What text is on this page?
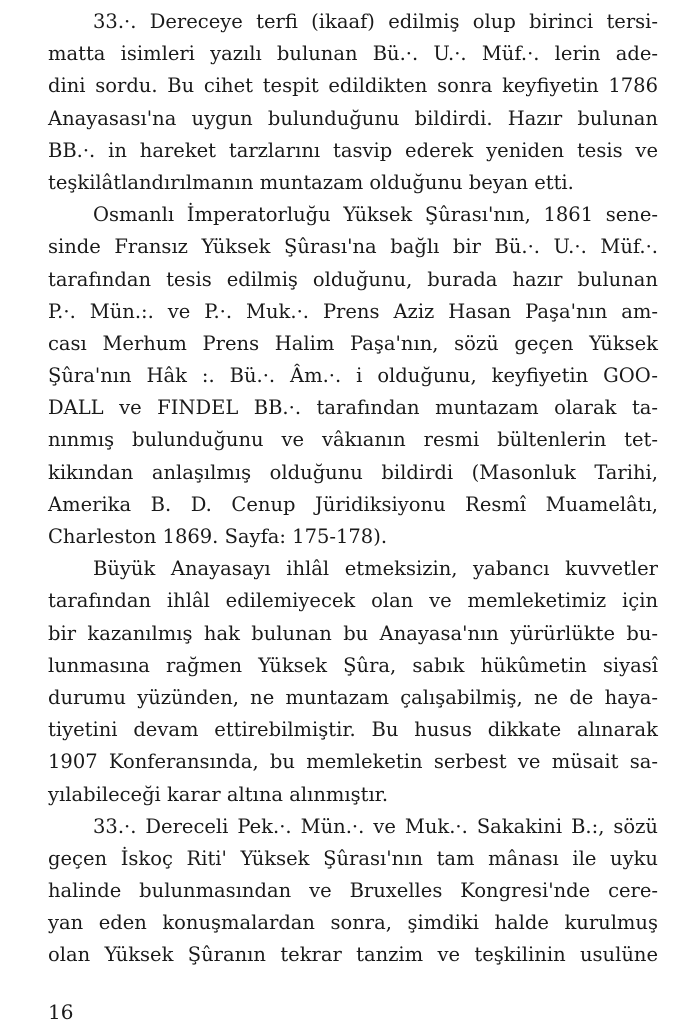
33.·. Dereceye terfi (ikaaf) edilmiş olup birinci tersi-
matta isimleri yazılı bulunan Bü.·. U.·. Müf.·. lerin ade-
dini sordu. Bu cihet tespit edildikten sonra keyfiyetin 1786
Anayasası'na uygun bulunduğunu bildirdi. Hazır bulunan
BB.·. in hareket tarzlarını tasvip ederek yeniden tesis ve
teşkilâtlandırılmanın muntazam olduğunu beyan etti.
Osmanlı İmperatorluğu Yüksek Şûrası'nın, 1861 sene-
sinde Fransız Yüksek Şûrası'na bağlı bir Bü.·. U.·. Müf.·.
tarafından tesis edilmiş olduğunu, burada hazır bulunan
P.·. Mün.:. ve P.·. Muk.·. Prens Aziz Hasan Paşa'nın am-
cası Merhum Prens Halim Paşa'nın, sözü geçen Yüksek
Şûra'nın Hâk :. Bü.·. Âm.·. i olduğunu, keyfiyetin GOO-
DALL ve FINDEL BB.·. tarafından muntazam olarak ta-
nınmış bulunduğunu ve vâkıanın resmi bültenlerin tet-
kikından anlaşılmış olduğunu bildirdi (Masonluk Tarihi,
Amerika B. D. Cenup Jüridiksiyonu Resmî Muamelâtı,
Charleston 1869. Sayfa: 175-178).
Büyük Anayasayı ihlâl etmeksizin, yabancı kuvvetler
tarafından ihlâl edilemiyecek olan ve memleketimiz için
bir kazanılmış hak bulunan bu Anayasa'nın yürürlükte bu-
lunmasına rağmen Yüksek Şûra, sabık hükûmetin siyasî
durumu yüzünden, ne muntazam çalışabilmiş, ne de haya-
tiyetini devam ettirebilmiştir. Bu husus dikkate alınarak
1907 Konferansında, bu memleketin serbest ve müsait sa-
yılabileceği karar altına alınmıştır.
33.·. Dereceli Pek.·. Mün.·. ve Muk.·. Sakakini B.:, sözü
geçen İskoç Riti' Yüksek Şûrası'nın tam mânası ile uyku
halinde bulunmasından ve Bruxelles Kongresi'nde cere-
yan eden konuşmalardan sonra, şimdiki halde kurulmuş
olan Yüksek Şûranın tekrar tanzim ve teşkilinin usulüne
16
